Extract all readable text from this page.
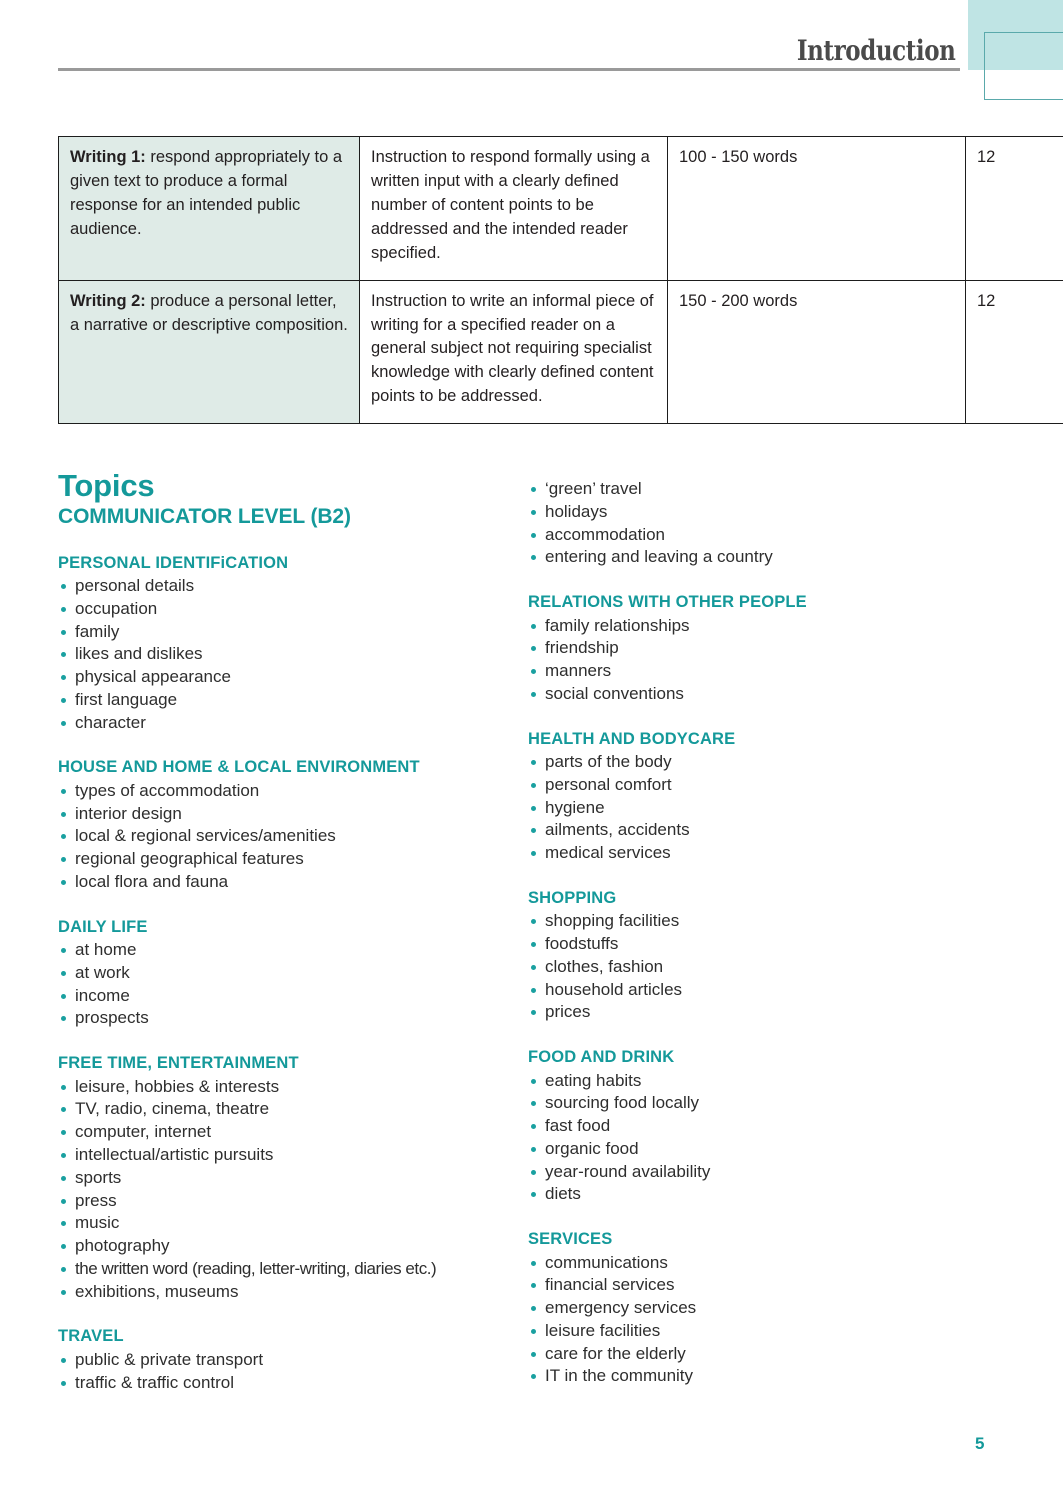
Introduction
Writing 1: respond appropriately to a given text to produce a formal response for an intended public audience.	Instruction to respond formally using a written input with a clearly defined number of content points to be addressed and the intended reader specified.	100 - 150 words	12
Writing 2: produce a personal letter, a narrative or descriptive composition.	Instruction to write an informal piece of writing for a specified reader on a general subject not requiring specialist knowledge with clearly defined content points to be addressed.	150 - 200 words	12
Topics
COMMUNICATOR LEVEL (B2)
PERSONAL IDENTIFiCATION
personal details
occupation
family
likes and dislikes
physical appearance
first language
character
HOUSE AND HOME & LOCAL ENVIRONMENT
types of accommodation
interior design
local & regional services/amenities
regional geographical features
local flora and fauna
DAILY LIFE
at home
at work
income
prospects
FREE TIME, ENTERTAINMENT
leisure, hobbies & interests
TV, radio, cinema, theatre
computer, internet
intellectual/artistic pursuits
sports
press
music
photography
the written word (reading, letter-writing, diaries etc.)
exhibitions, museums
TRAVEL
public & private transport
traffic & traffic control
‘green’ travel
holidays
accommodation
entering and leaving a country
RELATIONS WITH OTHER PEOPLE
family relationships
friendship
manners
social conventions
HEALTH AND BODYCARE
parts of the body
personal comfort
hygiene
ailments, accidents
medical services
SHOPPING
shopping facilities
foodstuffs
clothes, fashion
household articles
prices
FOOD AND DRINK
eating habits
sourcing food locally
fast food
organic food
year-round availability
diets
SERVICES
communications
financial services
emergency services
leisure facilities
care for the elderly
IT in the community
5
